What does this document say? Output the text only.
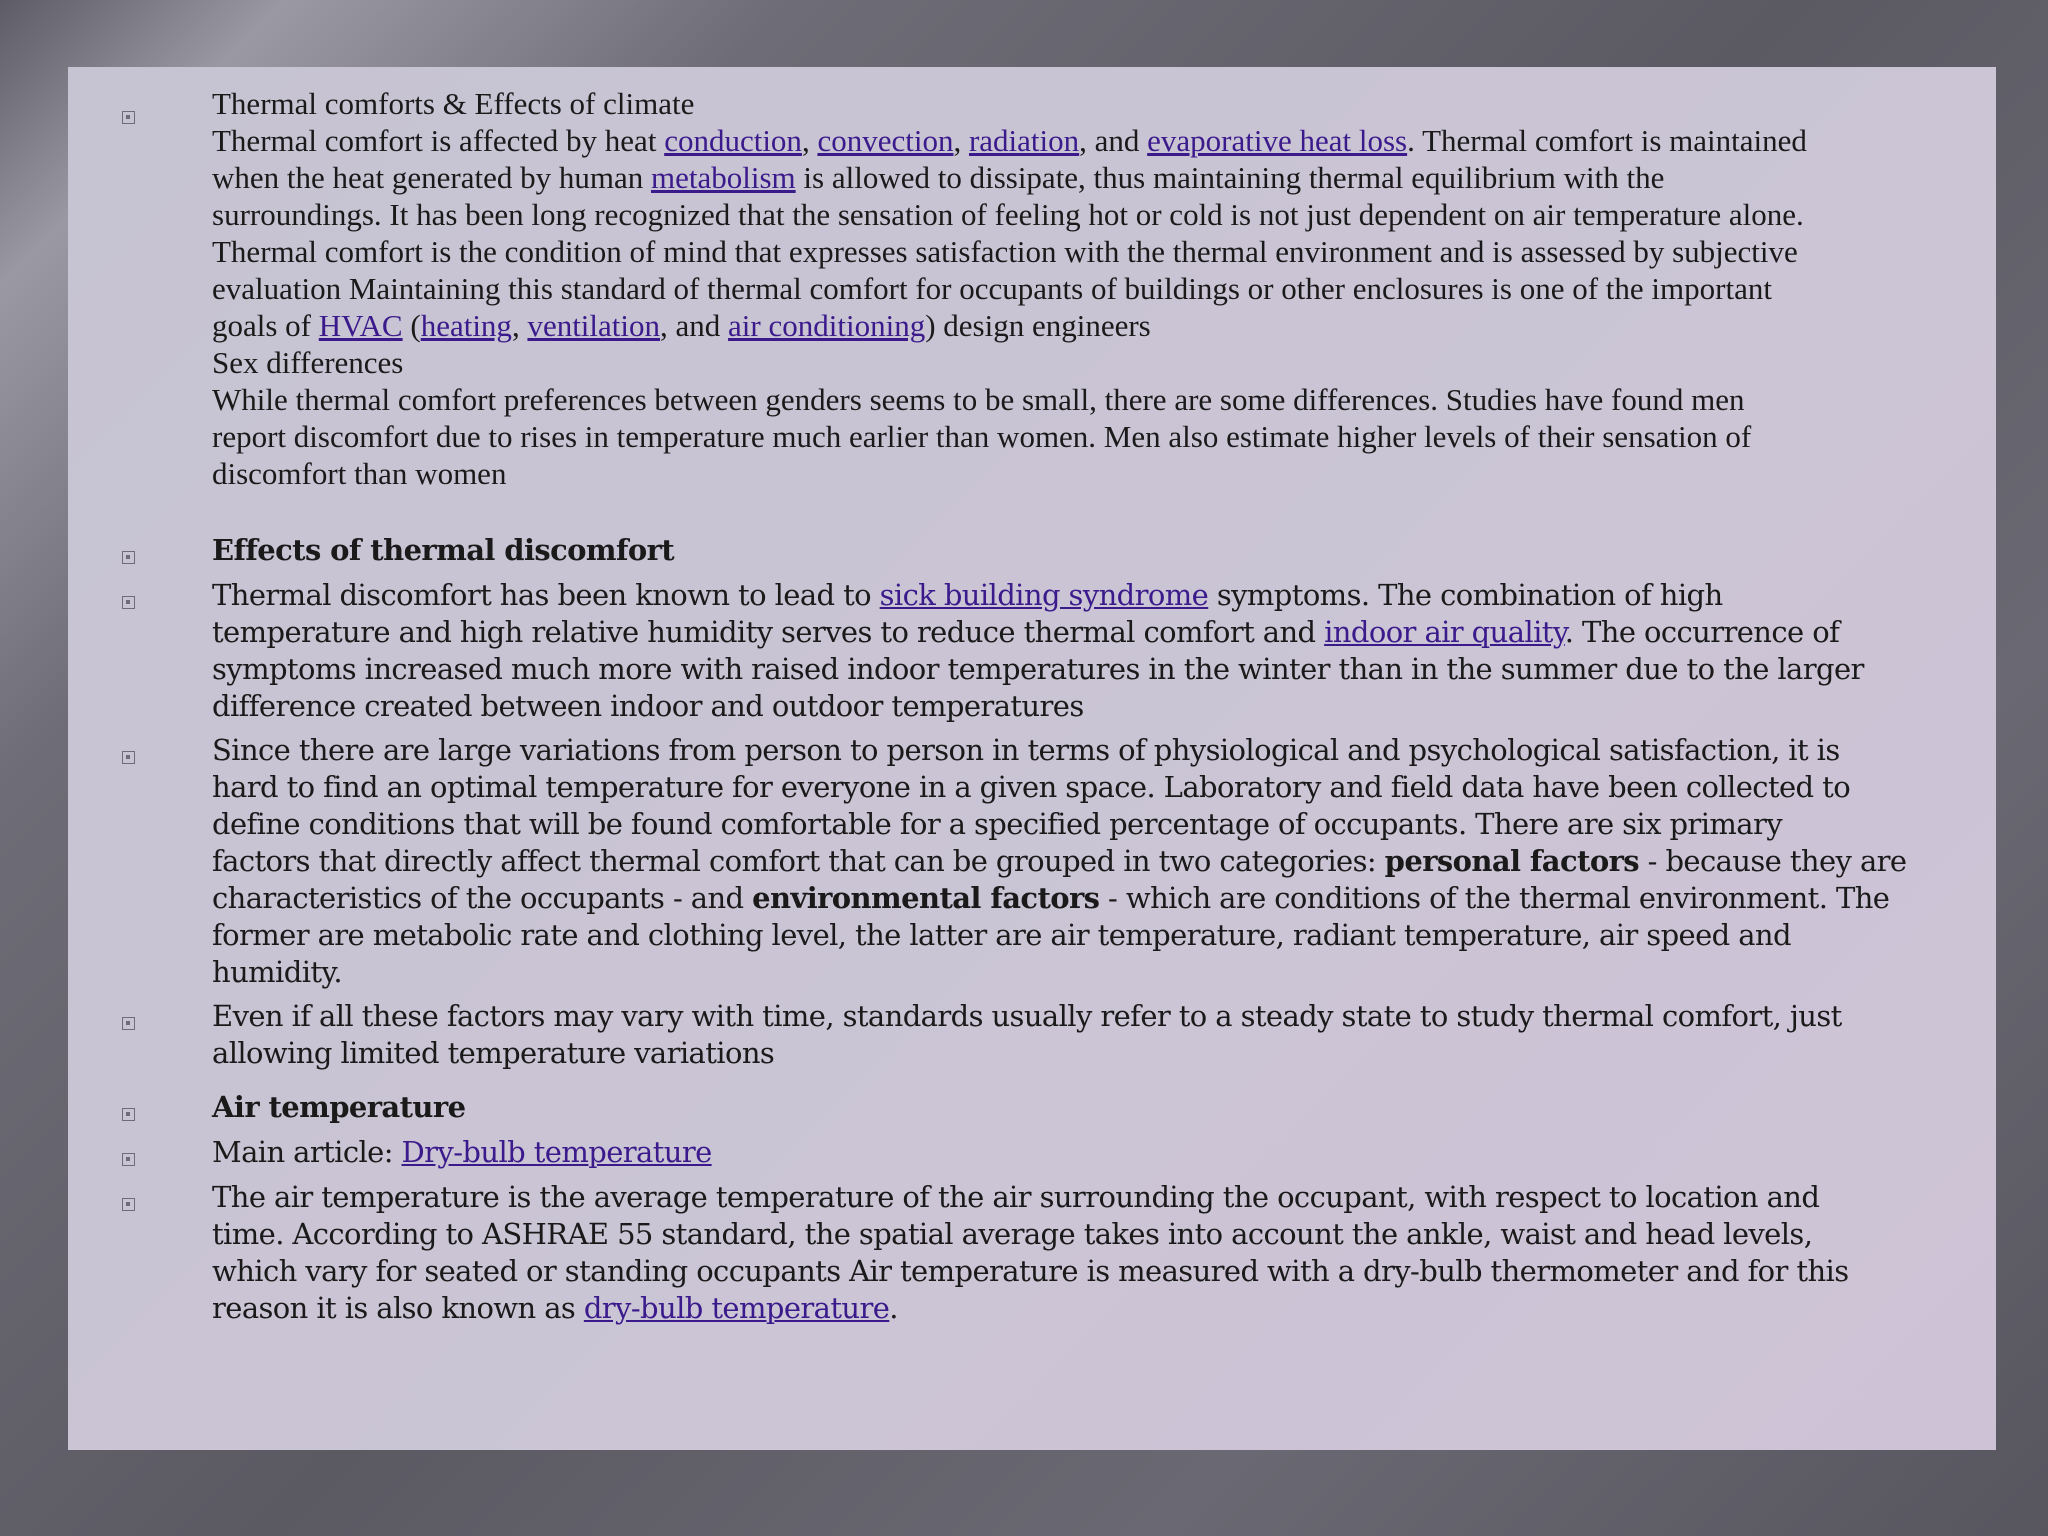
Thermal comforts & Effects of climate
Thermal comfort is affected by heat conduction, convection, radiation, and evaporative heat loss. Thermal comfort is maintained
when the heat generated by human metabolism is allowed to dissipate, thus maintaining thermal equilibrium with the
surroundings. It has been long recognized that the sensation of feeling hot or cold is not just dependent on air temperature alone.
Thermal comfort is the condition of mind that expresses satisfaction with the thermal environment and is assessed by subjective
evaluation Maintaining this standard of thermal comfort for occupants of buildings or other enclosures is one of the important
goals of HVAC (heating, ventilation, and air conditioning) design engineers
Sex differences
While thermal comfort preferences between genders seems to be small, there are some differences. Studies have found men
report discomfort due to rises in temperature much earlier than women. Men also estimate higher levels of their sensation of
discomfort than women
Effects of thermal discomfort
Thermal discomfort has been known to lead to sick building syndrome symptoms. The combination of high
temperature and high relative humidity serves to reduce thermal comfort and indoor air quality. The occurrence of
symptoms increased much more with raised indoor temperatures in the winter than in the summer due to the larger
difference created between indoor and outdoor temperatures
Since there are large variations from person to person in terms of physiological and psychological satisfaction, it is
hard to find an optimal temperature for everyone in a given space. Laboratory and field data have been collected to
define conditions that will be found comfortable for a specified percentage of occupants. There are six primary
factors that directly affect thermal comfort that can be grouped in two categories: personal factors - because they are
characteristics of the occupants - and environmental factors - which are conditions of the thermal environment. The
former are metabolic rate and clothing level, the latter are air temperature, radiant temperature, air speed and
humidity.
Even if all these factors may vary with time, standards usually refer to a steady state to study thermal comfort, just
allowing limited temperature variations
Air temperature
Main article: Dry-bulb temperature
The air temperature is the average temperature of the air surrounding the occupant, with respect to location and
time. According to ASHRAE 55 standard, the spatial average takes into account the ankle, waist and head levels,
which vary for seated or standing occupants Air temperature is measured with a dry-bulb thermometer and for this
reason it is also known as dry-bulb temperature.
